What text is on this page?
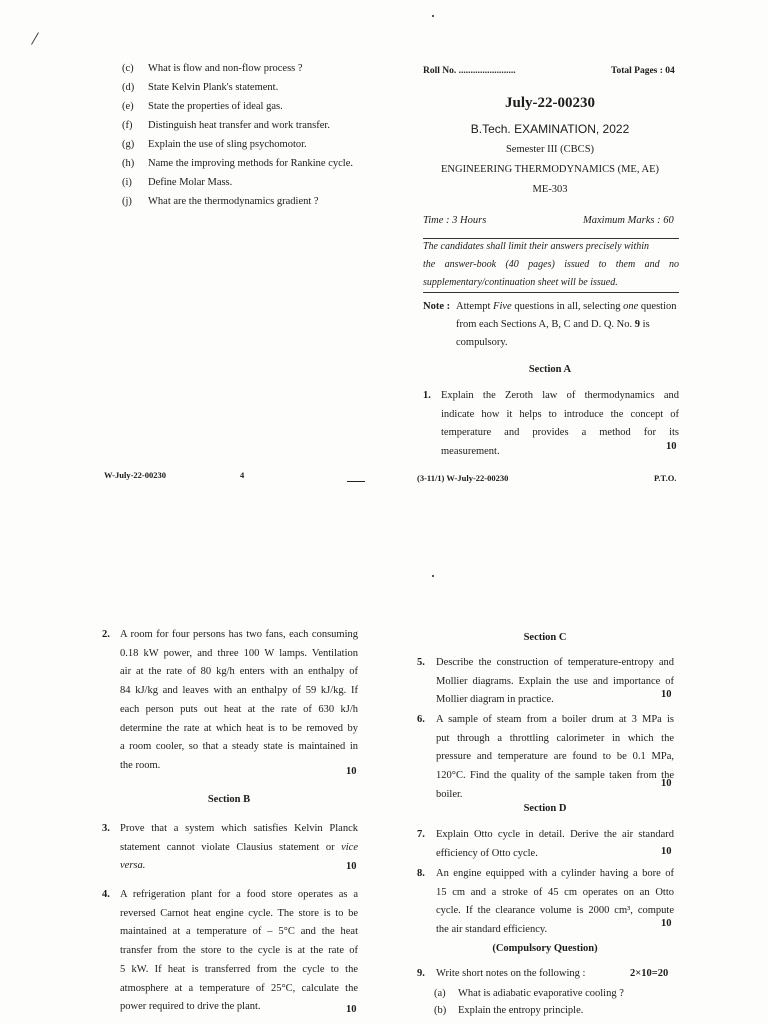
(c) What is flow and non-flow process ?
(d) State Kelvin Plank's statement.
(e) State the properties of ideal gas.
(f) Distinguish heat transfer and work transfer.
(g) Explain the use of sling psychomotor.
(h) Name the improving methods for Rankine cycle.
(i) Define Molar Mass.
(j) What are the thermodynamics gradient ?
W-July-22-00230	4
Roll No. ........................	Total Pages : 04
July-22-00230
B.Tech. EXAMINATION, 2022
Semester III (CBCS)
ENGINEERING THERMODYNAMICS (ME, AE)
ME-303
Time : 3 Hours	Maximum Marks : 60
The candidates shall limit their answers precisely within
the answer-book (40 pages) issued to them and no
supplementary/continuation sheet will be issued.
Note : Attempt Five questions in all, selecting one question
from each Sections A, B, C and D. Q. No. 9 is
compulsory.
Section A
1. Explain the Zeroth law of thermodynamics and
indicate how it helps to introduce the concept of
temperature and provides a method for its
measurement.	10
(3-11/1) W-July-22-00230	P.T.O.
2. A room for four persons has two fans, each consuming
0.18 kW power, and three 100 W lamps. Ventilation
air at the rate of 80 kg/h enters with an enthalpy of
84 kJ/kg and leaves with an enthalpy of 59 kJ/kg. If
each person puts out heat at the rate of 630 kJ/h
determine the rate at which heat is to be removed by
a room cooler, so that a steady state is maintained in
the room.
10
Section B
3. Prove that a system which satisfies Kelvin Planck
statement cannot violate Clausius statement or vice
versa.	10
4. A refrigeration plant for a food store operates as a
reversed Carnot heat engine cycle. The store is to be
maintained at a temperature of – 5°C and the heat
transfer from the store to the cycle is at the rate of
5 kW. If heat is transferred from the cycle to the
atmosphere at a temperature of 25°C, calculate the
power required to drive the plant.	10
Section C
5. Describe the construction of temperature-entropy and
Mollier diagrams. Explain the use and importance of
Mollier diagram in practice.	10
6. A sample of steam from a boiler drum at 3 MPa is
put through a throttling calorimeter in which the
pressure and temperature are found to be 0.1 MPa,
120°C. Find the quality of the sample taken from the
boiler.
10
Section D
7. Explain Otto cycle in detail. Derive the air standard
efficiency of Otto cycle.	10
8. An engine equipped with a cylinder having a bore of
15 cm and a stroke of 45 cm operates on an Otto
cycle. If the clearance volume is 2000 cm³, compute
the air standard efficiency.
10
(Compulsory Question)
9. Write short notes on the following :	2×10=20
(a) What is adiabatic evaporative cooling ?
(b) Explain the entropy principle.
